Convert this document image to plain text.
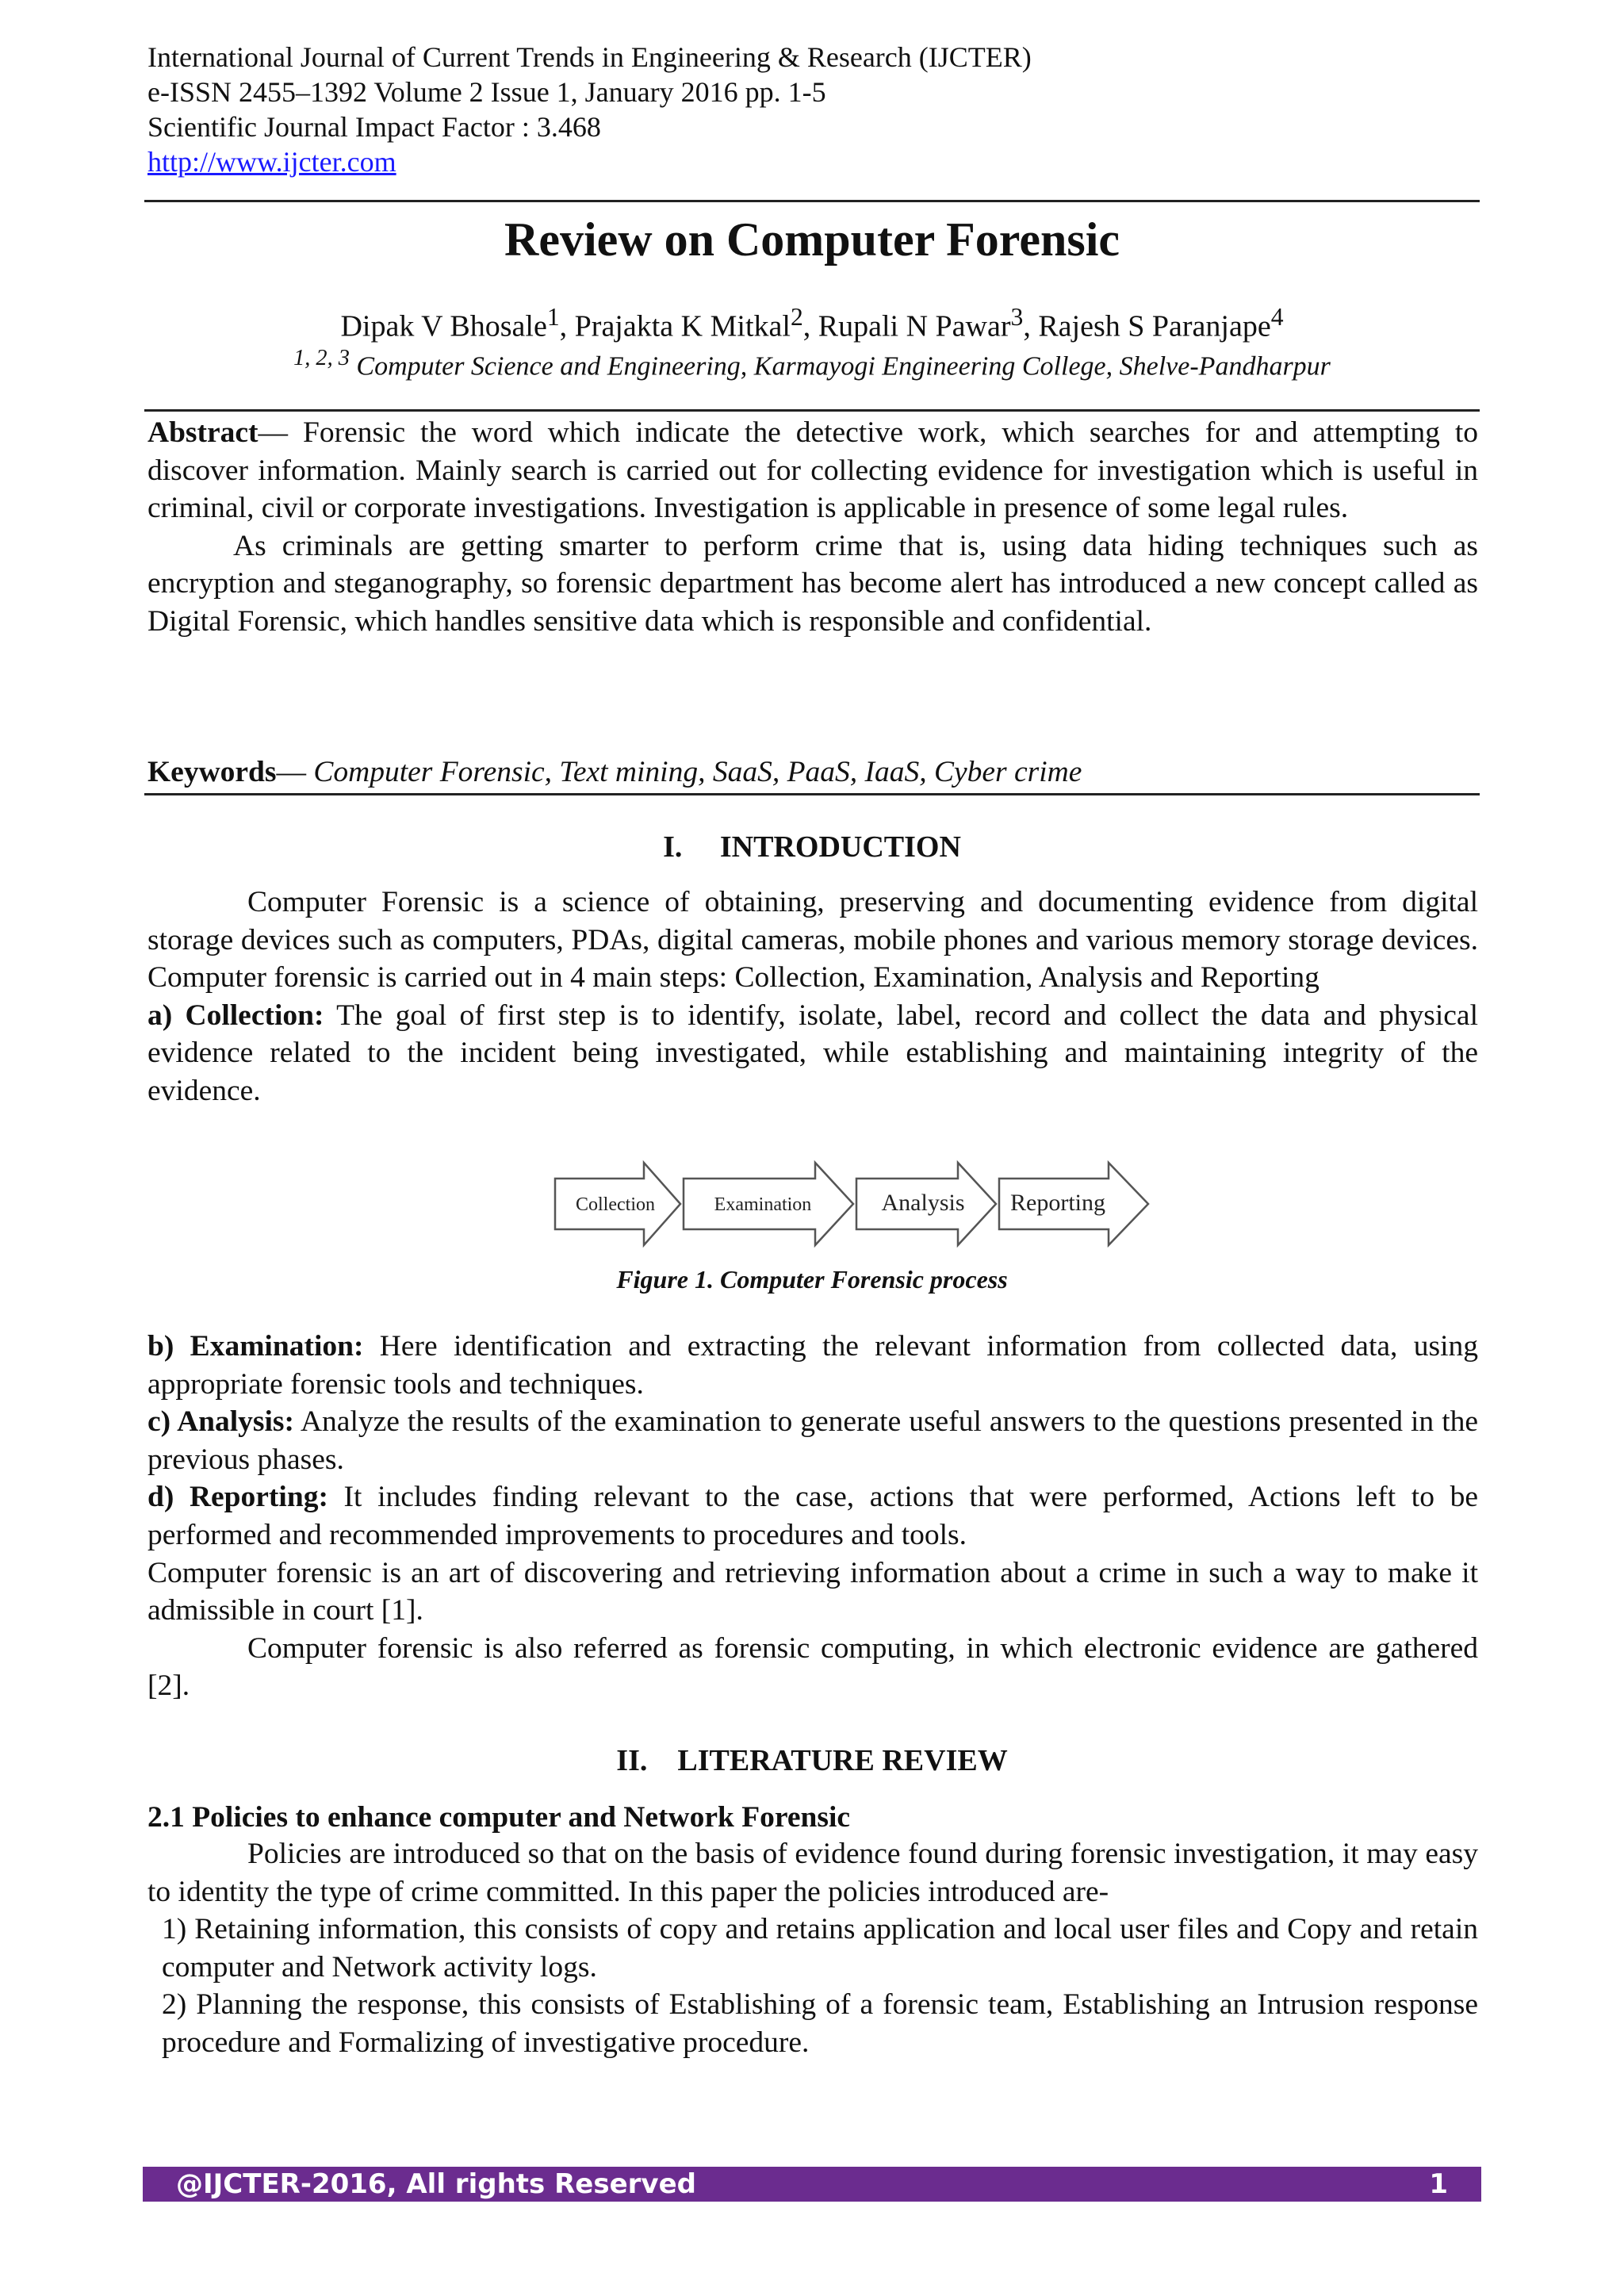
International Journal of Current Trends in Engineering & Research (IJCTER)
e-ISSN 2455–1392 Volume 2 Issue 1, January 2016 pp. 1-5
Scientific Journal Impact Factor : 3.468
http://www.ijcter.com
Review on Computer Forensic
Dipak V Bhosale$^1$, Prajakta K Mitkal$^2$, Rupali N Pawar$^3$, Rajesh S Paranjape$^4$
$^{1, 2, 3}$ Computer Science and Engineering, Karmayogi Engineering College, Shelve-Pandharpur

Abstract— Forensic the word which indicate the detective work, which searches for and attempting to discover information. Mainly search is carried out for collecting evidence for investigation which is useful in criminal, civil or corporate investigations. Investigation is applicable in presence of some legal rules.

As criminals are getting smarter to perform crime that is, using data hiding techniques such as encryption and steganography, so forensic department has become alert has introduced a new concept called as Digital Forensic, which handles sensitive data which is responsible and confidential.

Keywords— Computer Forensic, Text mining, SaaS, PaaS, IaaS, Cyber crime

I.     INTRODUCTION

Computer Forensic is a science of obtaining, preserving and documenting evidence from digital storage devices such as computers, PDAs, digital cameras, mobile phones and various memory storage devices. Computer forensic is carried out in 4 main steps: Collection, Examination, Analysis and Reporting

a) Collection: The goal of first step is to identify, isolate, label, record and collect the data and physical evidence related to the incident being investigated, while establishing and maintaining integrity of the evidence.

Collection	Examination	Analysis Reporting
Figure 1. Computer Forensic process

b) Examination: Here identification and extracting the relevant information from collected data, using appropriate forensic tools and techniques.

c) Analysis: Analyze the results of the examination to generate useful answers to the questions presented in the previous phases.

d) Reporting: It includes finding relevant to the case, actions that were performed, Actions left to be performed and recommended improvements to procedures and tools.

Computer forensic is an art of discovering and retrieving information about a crime in such a way to make it admissible in court [1].

Computer forensic is also referred as forensic computing, in which electronic evidence are gathered [2].

II.    LITERATURE REVIEW
2.1 Policies to enhance computer and Network Forensic

Policies are introduced so that on the basis of evidence found during forensic investigation, it may easy to identity the type of crime committed. In this paper the policies introduced are-

1) Retaining information, this consists of copy and retains application and local user files and Copy and retain computer and Network activity logs.

2) Planning the response, this consists of Establishing of a forensic team, Establishing an Intrusion response procedure and Formalizing of investigative procedure.

@IJCTER-2016, All rights Reserved	1
